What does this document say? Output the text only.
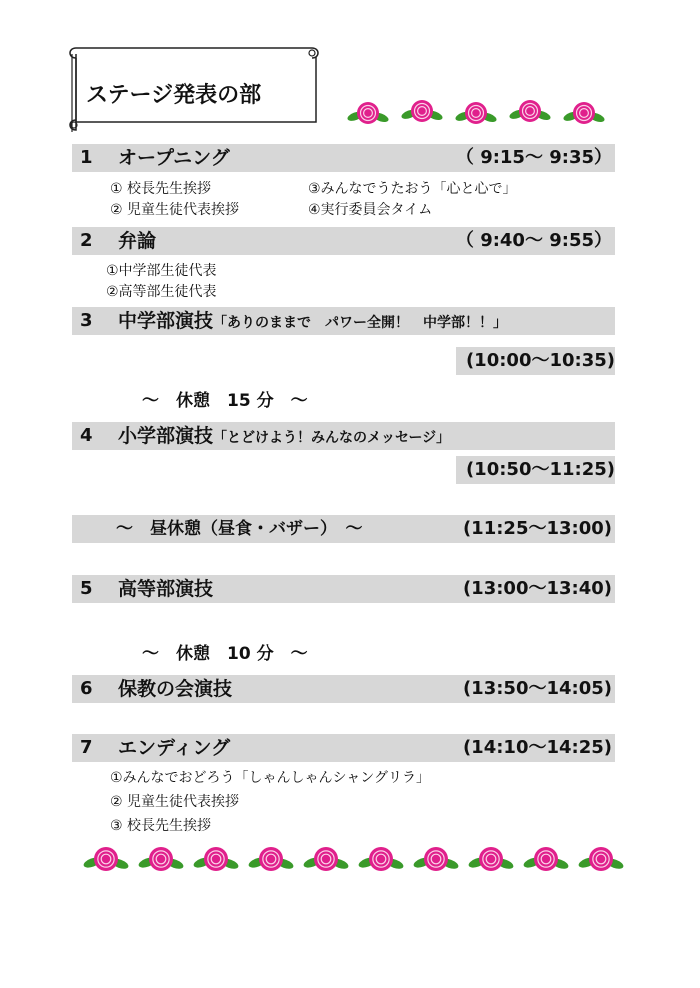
ステージ発表の部
1 オープニング	（ 9:15～ 9:35）
① 校長先生挨拶
② 児童生徒代表挨拶
③みんなでうたおう「心と心で」
④実行委員会タイム
2 弁論	（ 9:40～ 9:55）
①中学部生徒代表
②高等部生徒代表
3 中学部演技「ありのままで　パワー全開！　中学部！！」
(10:00～10:35)
～　休憩　15 分　～
4 小学部演技「とどけよう！みんなのメッセージ」
(10:50～11:25)
～　昼休憩（昼食・バザー）　～	(11:25～13:00)
5 高等部演技	(13:00～13:40)
～　休憩　10 分　～
6 保教の会演技	(13:50～14:05)
7 エンディング	(14:10～14:25)
①みんなでおどろう「しゃんしゃんシャングリラ」
② 児童生徒代表挨拶
③ 校長先生挨拶
